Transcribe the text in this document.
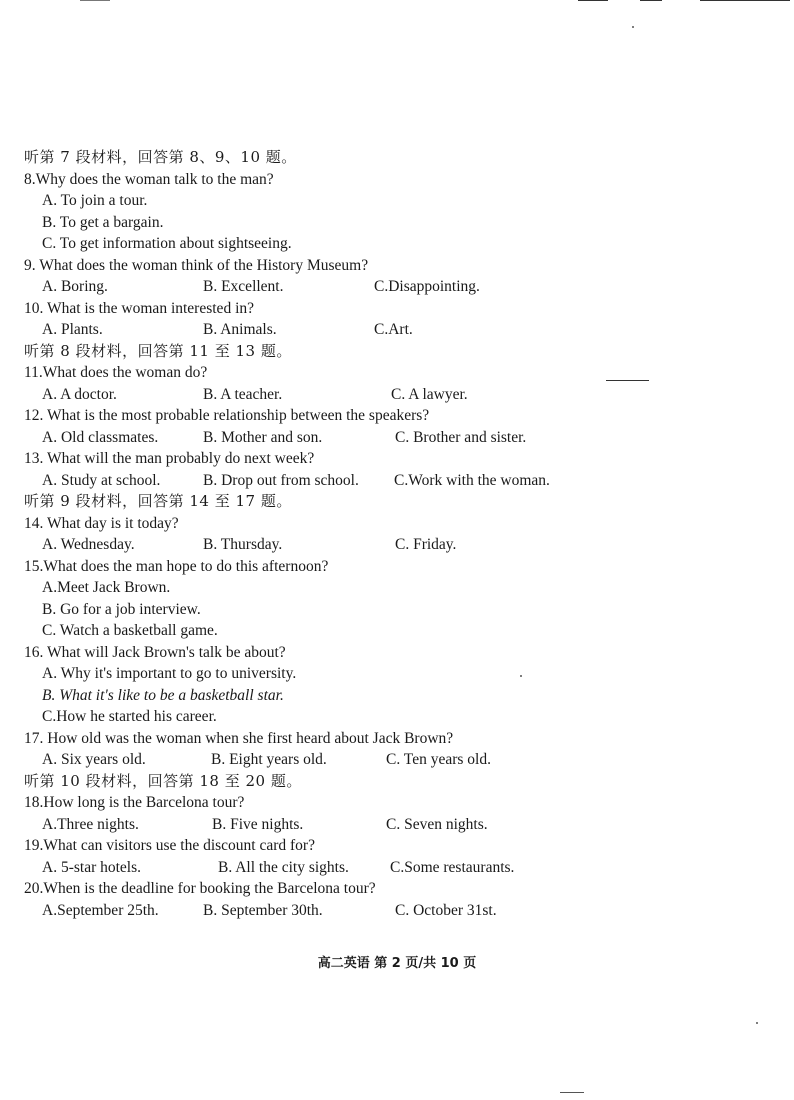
听第 7 段材料，回答第 8、9、10 题。
8.Why does the woman talk to the man?
A. To join a tour.
B. To get a bargain.
C. To get information about sightseeing.
9. What does the woman think of the History Museum?
A. Boring.	B. Excellent.	C.Disappointing.
10. What is the woman interested in?
A. Plants.	B. Animals.	C.Art.
听第 8 段材料，回答第 11 至 13 题。
11.What does the woman do?
A. A doctor.	B. A teacher.	C. A lawyer.
12. What is the most probable relationship between the speakers?
A. Old classmates.	B. Mother and son.	C. Brother and sister.
13. What will the man probably do next week?
A. Study at school.	B. Drop out from school. C.Work with the woman.
听第 9 段材料，回答第 14 至 17 题。
14. What day is it today?
A. Wednesday.	B. Thursday.	C. Friday.
15.What does the man hope to do this afternoon?
A.Meet Jack Brown.
B. Go for a job interview.
C. Watch a basketball game.
16. What will Jack Brown's talk be about?
A. Why it's important to go to university.
B. What it's like to be a basketball star.
C.How he started his career.
17. How old was the woman when she first heard about Jack Brown?
A. Six years old.	B. Eight years old.	C. Ten years old.
听第 10 段材料，回答第 18 至 20 题。
18.How long is the Barcelona tour?
A.Three nights.	B. Five nights.	C. Seven nights.
19.What can visitors use the discount card for?
A. 5-star hotels.	B. All the city sights.	C.Some restaurants.
20.When is the deadline for booking the Barcelona tour?
A.September 25th.	B. September 30th.	C. October 31st.
高二英语 第 2 页/共 10 页
